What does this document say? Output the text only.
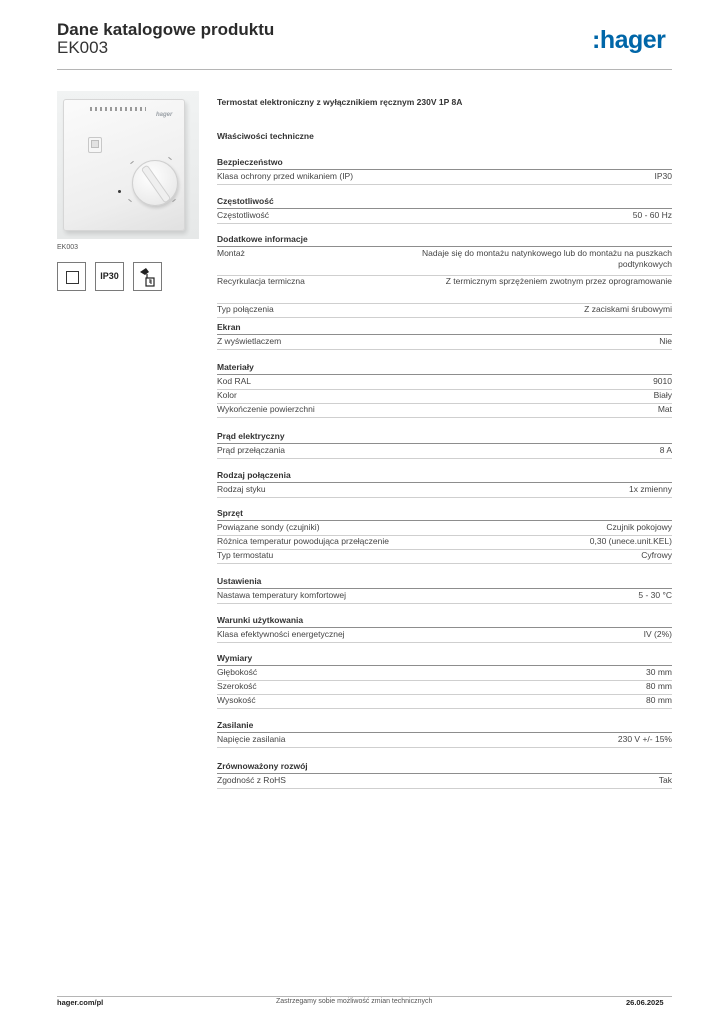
Dane katalogowe produktu
EK003	:hager
hager
EK003
IP30
Termostat elektroniczny z wyłącznikiem ręcznym 230V 1P 8A
Właściwości techniczne
Bezpieczeństwo
Klasa ochrony przed wnikaniem (IP)	IP30
Częstotliwość
Częstotliwość	50 - 60 Hz
Dodatkowe informacje
Montaż	Nadaje się do montażu natynkowego lub do montażu na puszkach podtynkowych
Recyrkulacja termiczna	Z termicznym sprzężeniem zwotnym przez oprogramowanie
Typ połączenia	Z zaciskami śrubowymi
Ekran
Z wyświetlaczem	Nie
Materiały
Kod RAL	9010
Kolor	Biały
Wykończenie powierzchni	Mat
Prąd elektryczny
Prąd przełączania	8 A
Rodzaj połączenia
Rodzaj styku	1x zmienny
Sprzęt
Powiązane sondy (czujniki)	Czujnik pokojowy
Różnica temperatur powodująca przełączenie	0,30 (unece.unit.KEL)
Typ termostatu	Cyfrowy
Ustawienia
Nastawa temperatury komfortowej	5 - 30 °C
Warunki użytkowania
Klasa efektywności energetycznej	IV (2%)
Wymiary
Głębokość	30 mm
Szerokość	80 mm
Wysokość	80 mm
Zasilanie
Napięcie zasilania	230 V +/- 15%
Zrównoważony rozwój
Zgodność z RoHS	Tak
hager.com/pl	Zastrzegamy sobie możliwość zmian technicznych	26.06.2025
